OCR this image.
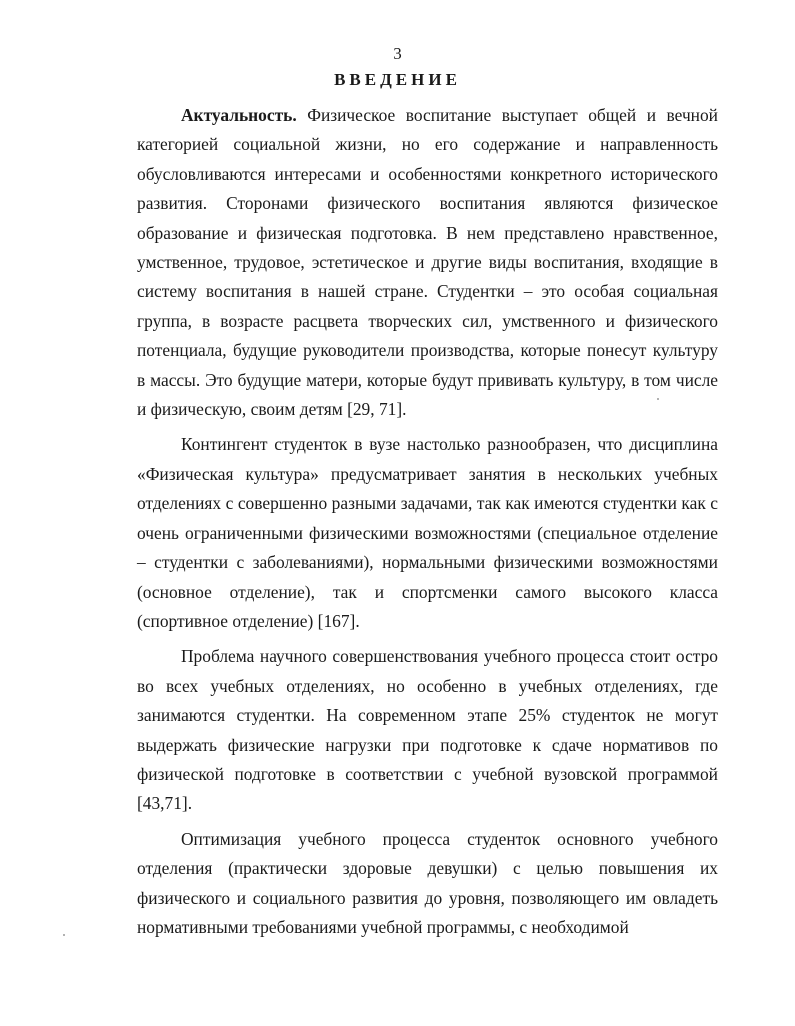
3
ВВЕДЕНИЕ

Актуальность. Физическое воспитание выступает общей и вечной категорией социальной жизни, но его содержание и направленность обусловливаются интересами и особенностями конкретного исторического развития. Сторонами физического воспитания являются физическое образование и физическая подготовка. В нем представлено нравственное, умственное, трудовое, эстетическое и другие виды воспитания, входящие в систему воспитания в нашей стране. Студентки – это особая социальная группа, в возрасте расцвета творческих сил, умственного и физического потенциала, будущие руководители производства, которые понесут культуру в массы. Это будущие матери, которые будут прививать культуру, в том числе и физическую, своим детям [29, 71].

Контингент студенток в вузе настолько разнообразен, что дисциплина «Физическая культура» предусматривает занятия в нескольких учебных отделениях с совершенно разными задачами, так как имеются студентки как с очень ограниченными физическими возможностями (специальное отделение – студентки с заболеваниями), нормальными физическими возможностями (основное отделение), так и спортсменки самого высокого класса (спортивное отделение) [167].

Проблема научного совершенствования учебного процесса стоит остро во всех учебных отделениях, но особенно в учебных отделениях, где занимаются студентки. На современном этапе 25% студенток не могут выдержать физические нагрузки при подготовке к сдаче нормативов по физической подготовке в соответствии с учебной вузовской программой [43,71].

Оптимизация учебного процесса студенток основного учебного отделения (практически здоровые девушки) с целью повышения их физического и социального развития до уровня, позволяющего им овладеть нормативными требованиями учебной программы, с необходимой
